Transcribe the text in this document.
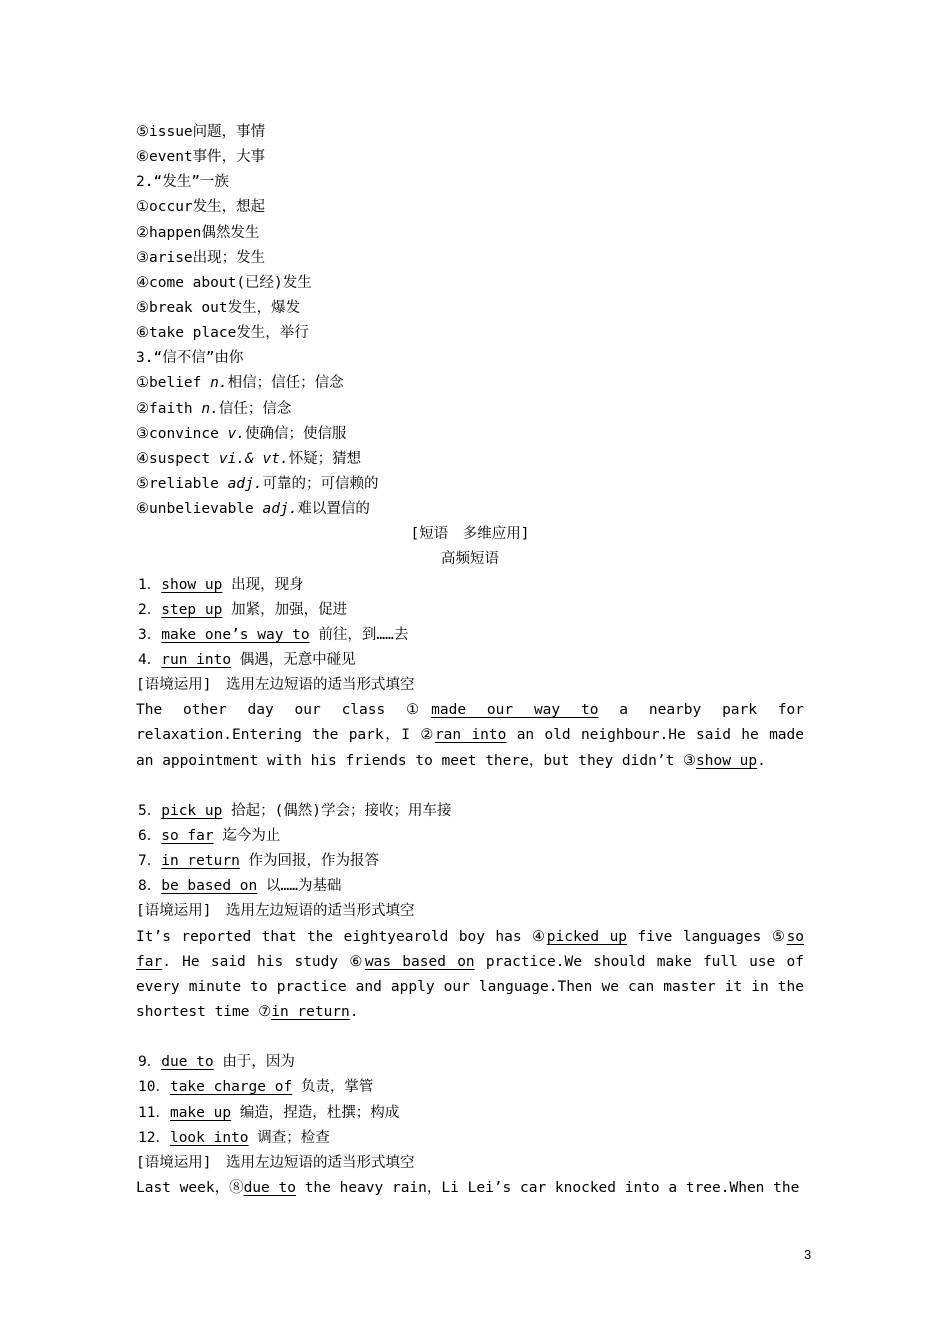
⑤issue问题，事情
⑥event事件，大事
2.“发生”一族
①occur发生，想起
②happen偶然发生
③arise出现；发生
④come about(已经)发生
⑤break out发生，爆发
⑥take place发生，举行
3.“信不信”由你
①belief n.相信；信任；信念
②faith n.信任；信念
③convince v.使确信；使信服
④suspect vi.& vt.怀疑；猜想
⑤reliable adj.可靠的；可信赖的
⑥unbelievable adj.难以置信的
[短语　多维应用]
高频短语
1．show up 出现，现身
2．step up 加紧，加强，促进
3．make one’s way to 前往，到……去
4．run into 偶遇，无意中碰见
[语境运用]　选用左边短语的适当形式填空
The other day our class ①made our way to a nearby park for relaxation.Entering the park，I ②ran into an old neighbour.He said he made an appointment with his friends to meet there，but they didn’t ③show up.
5．pick up 拾起；(偶然)学会；接收；用车接
6．so far 迄今为止
7．in return 作为回报，作为报答
8．be based on 以……为基础
[语境运用]　选用左边短语的适当形式填空
It’s reported that the eightyearold boy has ④picked up five languages ⑤so far. He said his study ⑥was based on practice.We should make full use of every minute to practice and apply our language.Then we can master it in the shortest time ⑦in return.
9．due to 由于，因为
10．take charge of 负责，掌管
11．make up 编造，捏造，杜撰；构成
12．look into 调查；检查
[语境运用]　选用左边短语的适当形式填空
Last week，⑧due to the heavy rain，Li Lei’s car knocked into a tree.When the
3
